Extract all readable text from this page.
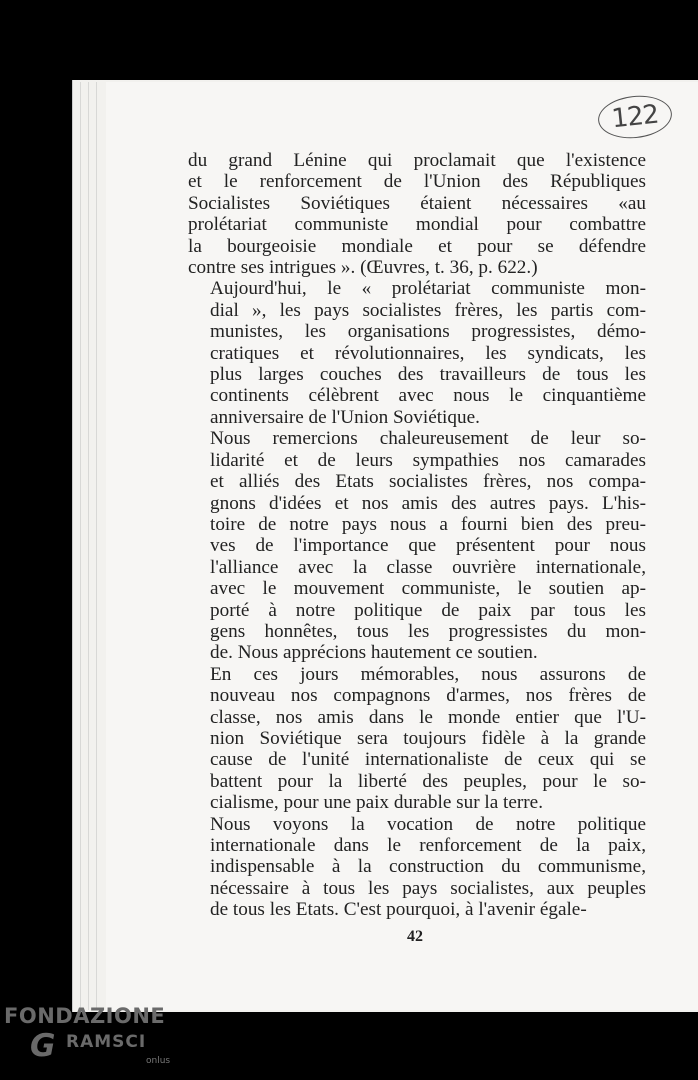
122

du grand Lénine qui proclamait que l'existence
et le renforcement de l'Union des Républiques
Socialistes Soviétiques étaient nécessaires «au
prolétariat communiste mondial pour combattre
la bourgeoisie mondiale et pour se défendre
contre ses intrigues ». (Œuvres, t. 36, p. 622.)

Aujourd'hui, le « prolétariat communiste mon-
dial », les pays socialistes frères, les partis com-
munistes, les organisations progressistes, démo-
cratiques et révolutionnaires, les syndicats, les
plus larges couches des travailleurs de tous les
continents célèbrent avec nous le cinquantième
anniversaire de l'Union Soviétique.

Nous remercions chaleureusement de leur so-
lidarité et de leurs sympathies nos camarades
et alliés des Etats socialistes frères, nos compa-
gnons d'idées et nos amis des autres pays. L'his-
toire de notre pays nous a fourni bien des preu-
ves de l'importance que présentent pour nous
l'alliance avec la classe ouvrière internationale,
avec le mouvement communiste, le soutien ap-
porté à notre politique de paix par tous les
gens honnêtes, tous les progressistes du mon-
de. Nous apprécions hautement ce soutien.

En ces jours mémorables, nous assurons de
nouveau nos compagnons d'armes, nos frères de
classe, nos amis dans le monde entier que l'U-
nion Soviétique sera toujours fidèle à la grande
cause de l'unité internationaliste de ceux qui se
battent pour la liberté des peuples, pour le so-
cialisme, pour une paix durable sur la terre.

Nous voyons la vocation de notre politique
internationale dans le renforcement de la paix,
indispensable à la construction du communisme,
nécessaire à tous les pays socialistes, aux peuples
de tous les Etats. C'est pourquoi, à l'avenir égale-

42
FONDAZIONE
G RAMSCI
onlus
